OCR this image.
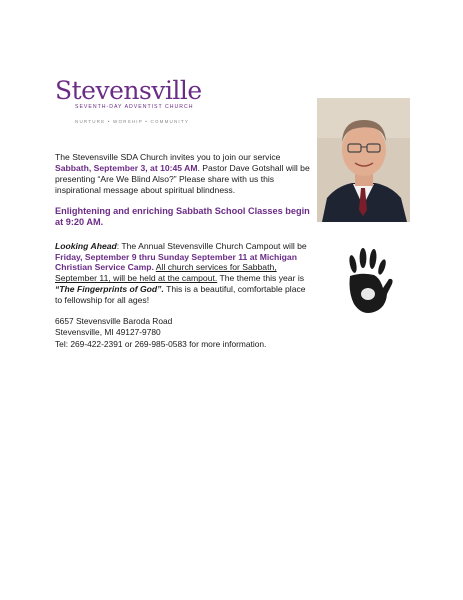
Stevensville
SEVENTH-DAY ADVENTIST CHURCH
NURTURE • WORSHIP • COMMUNITY

The Stevensville SDA Church invites you to join our service Sabbath, September 3, at 10:45 AM. Pastor Dave Gotshall will be presenting “Are We Blind Also?” Please share with us this inspirational message about spiritual blindness.

Enlightening and enriching Sabbath School Classes begin at 9:20 AM.

Looking Ahead: The Annual Stevensville Church Campout will be Friday, September 9 thru Sunday September 11 at Michigan Christian Service Camp. All church services for Sabbath, September 11, will be held at the campout. The theme this year is “The Fingerprints of God”. This is a beautiful, comfortable place to fellowship for all ages!

6657 Stevensville Baroda Road
Stevensville, MI 49127-9780
Tel: 269-422-2391 or 269-985-0583 for more information.
